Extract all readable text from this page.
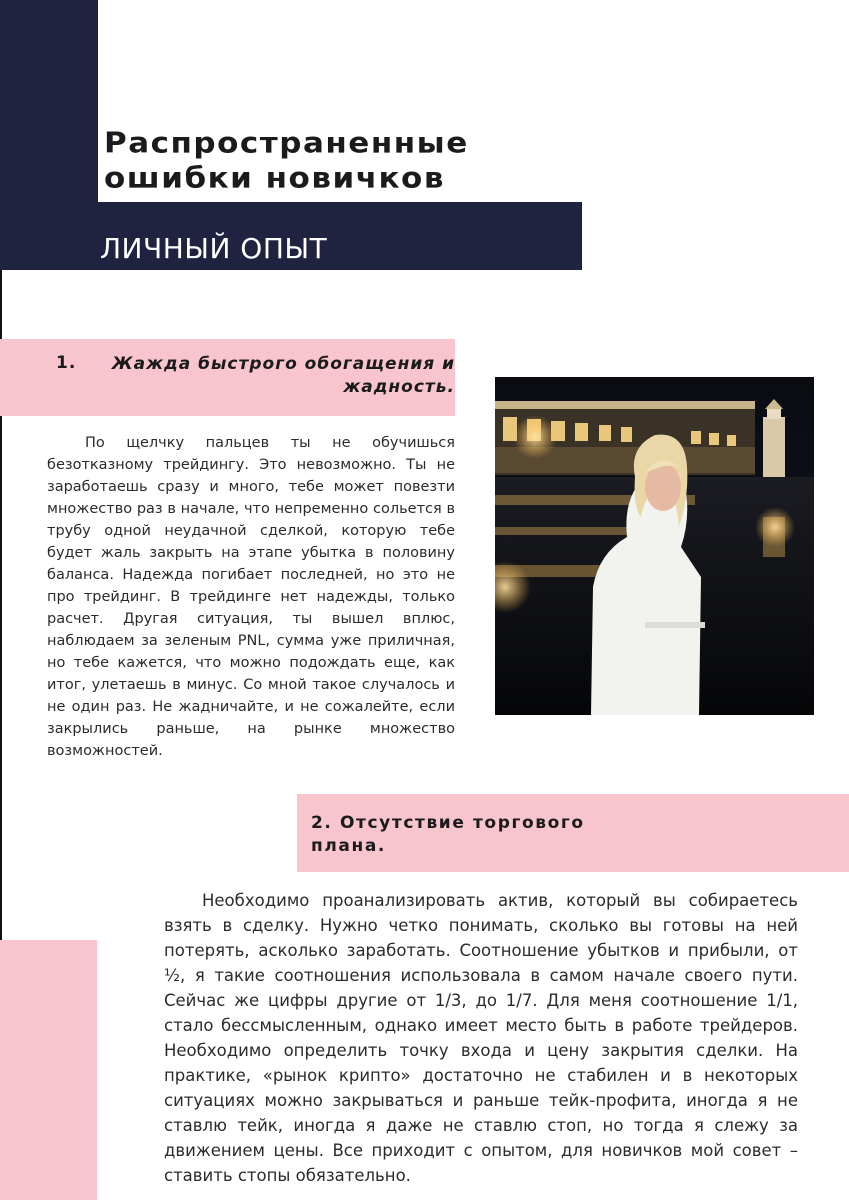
Распространенные
ошибки новичков
ЛИЧНЫЙ ОПЫТ
1. Жажда быстрого обогащения и жадность.

По щелчку пальцев ты не обучишься безотказному трейдингу. Это невозможно. Ты не заработаешь сразу и много, тебе может повезти множество раз в начале, что непременно сольется в трубу одной неудачной сделкой, которую тебе будет жаль закрыть на этапе убытка в половину баланса. Надежда погибает последней, но это не про трейдинг. В трейдинге нет надежды, только расчет. Другая ситуация, ты вышел вплюс, наблюдаем за зеленым PNL, сумма уже приличная, но тебе кажется, что можно подождать еще, как итог, улетаешь в минус. Со мной такое случалось и не один раз. Не жадничайте, и не сожалейте, если закрылись раньше, на рынке множество возможностей.

2. Отсутствие торгового
плана.

Необходимо проанализировать актив, который вы собираетесь взять в сделку. Нужно четко понимать, сколько вы готовы на ней потерять, асколько заработать. Соотношение убытков и прибыли, от ½, я такие соотношения использовала в самом начале своего пути. Сейчас же цифры другие от 1/3, до 1/7. Для меня соотношение 1/1, стало бессмысленным, однако имеет место быть в работе трейдеров. Необходимо определить точку входа и цену закрытия сделки. На практике, «рынок крипто» достаточно не стабилен и в некоторых ситуациях можно закрываться и раньше тейк-профита, иногда я не ставлю тейк, иногда я даже не ставлю стоп, но тогда я слежу за движением цены. Все приходит с опытом, для новичков мой совет – ставить стопы обязательно.
